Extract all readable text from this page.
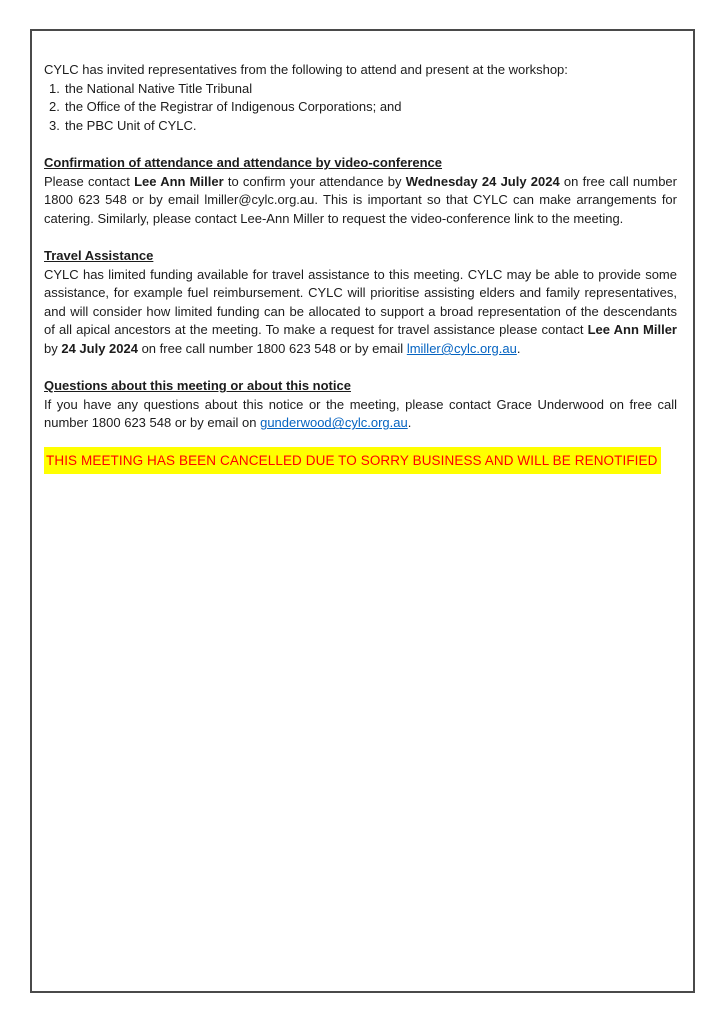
CYLC has invited representatives from the following to attend and present at the workshop:

1. the National Native Title Tribunal
2. the Office of the Registrar of Indigenous Corporations; and
3. the PBC Unit of CYLC.
Confirmation of attendance and attendance by video-conference

Please contact Lee Ann Miller to confirm your attendance by Wednesday 24 July 2024 on free call number 1800 623 548 or by email lmiller@cylc.org.au. This is important so that CYLC can make arrangements for catering. Similarly, please contact Lee-Ann Miller to request the video-conference link to the meeting.

Travel Assistance

CYLC has limited funding available for travel assistance to this meeting. CYLC may be able to provide some assistance, for example fuel reimbursement. CYLC will prioritise assisting elders and family representatives, and will consider how limited funding can be allocated to support a broad representation of the descendants of all apical ancestors at the meeting. To make a request for travel assistance please contact Lee Ann Miller by 24 July 2024 on free call number 1800 623 548 or by email lmiller@cylc.org.au.

Questions about this meeting or about this notice

If you have any questions about this notice or the meeting, please contact Grace Underwood on free call number 1800 623 548 or by email on gunderwood@cylc.org.au.

THIS MEETING HAS BEEN CANCELLED DUE TO SORRY BUSINESS AND WILL BE RENOTIFIED
